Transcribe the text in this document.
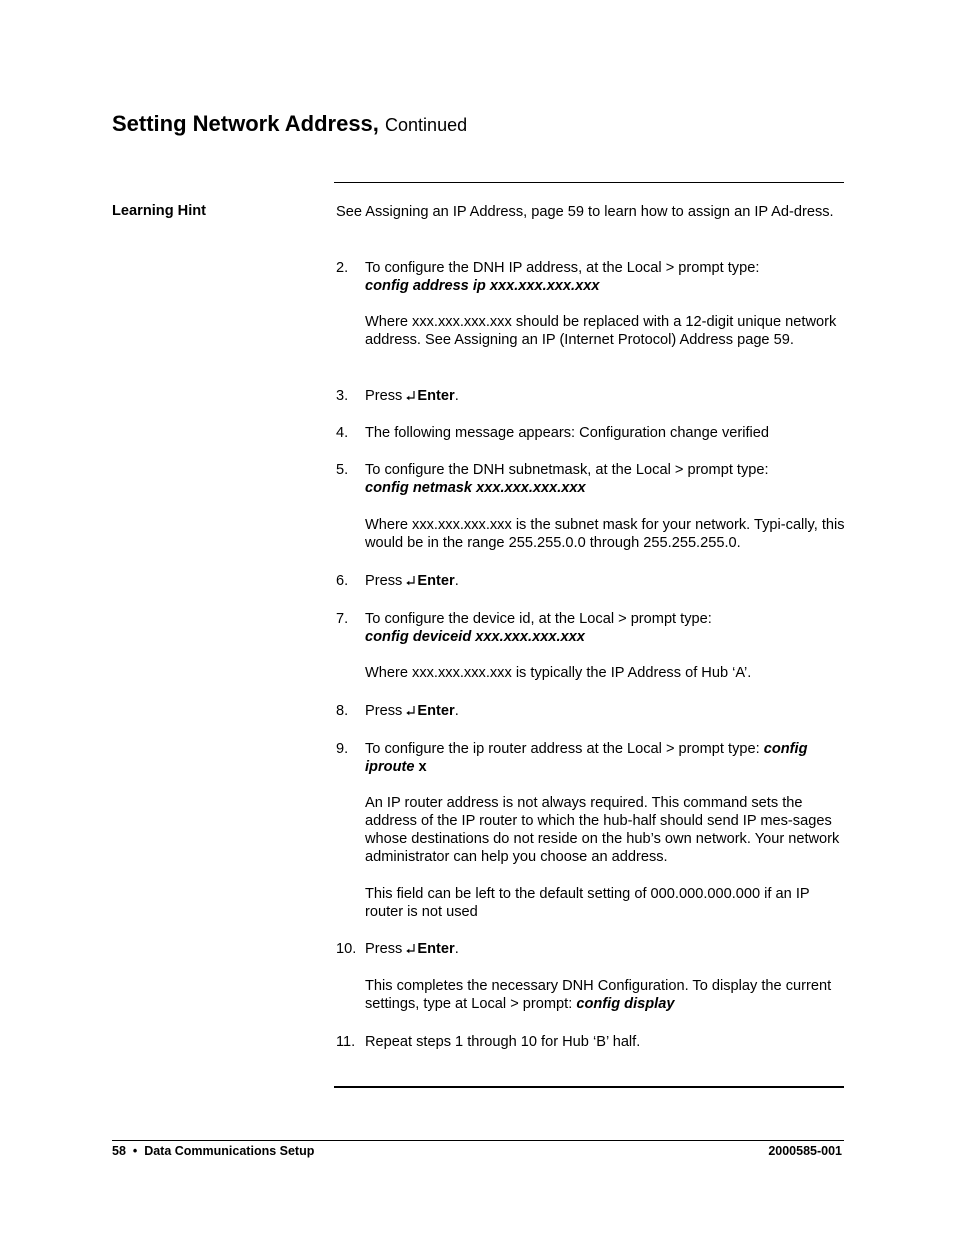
Setting Network Address, Continued
Learning Hint	See Assigning an IP Address, page 59 to learn how to assign an IP Ad-dress.

2. To configure the DNH IP address, at the Local > prompt type:
config address ip xxx.xxx.xxx.xxx

Where xxx.xxx.xxx.xxx should be replaced with a 12-digit unique network address. See Assigning an IP (Internet Protocol) Address page 59.

3. Press Enter.
4. The following message appears: Configuration change verified
5. To configure the DNH subnetmask, at the Local > prompt type:
config netmask xxx.xxx.xxx.xxx

Where xxx.xxx.xxx.xxx is the subnet mask for your network. Typi-cally, this would be in the range 255.255.0.0 through 255.255.255.0.

6. Press Enter.
7. To configure the device id, at the Local > prompt type:
config deviceid xxx.xxx.xxx.xxx

Where xxx.xxx.xxx.xxx is typically the IP Address of Hub ‘A’.

8. Press Enter.
9. To configure the ip router address at the Local > prompt type: config iproute x

An IP router address is not always required. This command sets the address of the IP router to which the hub-half should send IP mes-sages whose destinations do not reside on the hub’s own network. Your network administrator can help you choose an address.

This field can be left to the default setting of 000.000.000.000 if an IP router is not used

10. Press Enter.

This completes the necessary DNH Configuration. To display the current settings, type at Local > prompt: config display

11. Repeat steps 1 through 10 for Hub ‘B’ half.
58 • Data Communications Setup	2000585-001
